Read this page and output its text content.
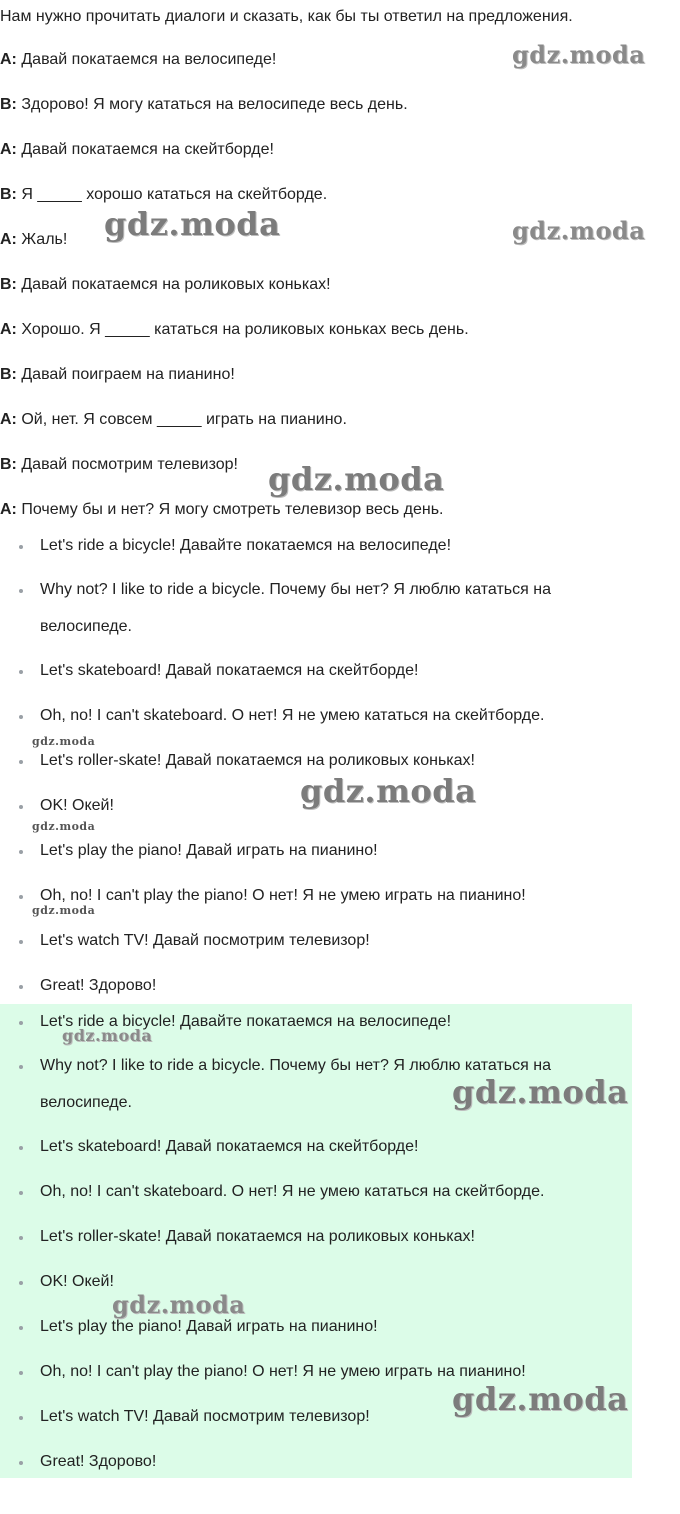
Нам нужно прочитать диалоги и сказать, как бы ты ответил на предложения.
A: Давай покатаемся на велосипеде!
B: Здорово! Я могу кататься на велосипеде весь день.
A: Давай покатаемся на скейтборде!
B: Я _____ хорошо кататься на скейтборде.
A: Жаль!
B: Давай покатаемся на роликовых коньках!
A: Хорошо. Я _____ кататься на роликовых коньках весь день.
B: Давай поиграем на пианино!
A: Ой, нет. Я совсем _____ играть на пианино.
B: Давай посмотрим телевизор!
A: Почему бы и нет? Я могу смотреть телевизор весь день.
Let's ride a bicycle! Давайте покатаемся на велосипеде!
Why not? I like to ride a bicycle. Почему бы нет? Я люблю кататься на
велосипеде.
Let's skateboard! Давай покатаемся на скейтборде!
Oh, no! I can't skateboard. О нет! Я не умею кататься на скейтборде.
Let's roller-skate! Давай покатаемся на роликовых коньках!
OK! Окей!
Let's play the piano! Давай играть на пианино!
Oh, no! I can't play the piano! О нет! Я не умею играть на пианино!
Let's watch TV! Давай посмотрим телевизор!
Great! Здорово!
Let's ride a bicycle! Давайте покатаемся на велосипеде!
Why not? I like to ride a bicycle. Почему бы нет? Я люблю кататься на
велосипеде.
Let's skateboard! Давай покатаемся на скейтборде!
Oh, no! I can't skateboard. О нет! Я не умею кататься на скейтборде.
Let's roller-skate! Давай покатаемся на роликовых коньках!
OK! Окей!
Let's play the piano! Давай играть на пианино!
Oh, no! I can't play the piano! О нет! Я не умею играть на пианино!
Let's watch TV! Давай посмотрим телевизор!
Great! Здорово!
gdz.moda
gdz.moda	gdz.moda
gdz.moda
gdz.moda
gdz.moda
gdz.moda
gdz.moda
gdz.moda
gdz.moda
gdz.moda
gdz.moda
